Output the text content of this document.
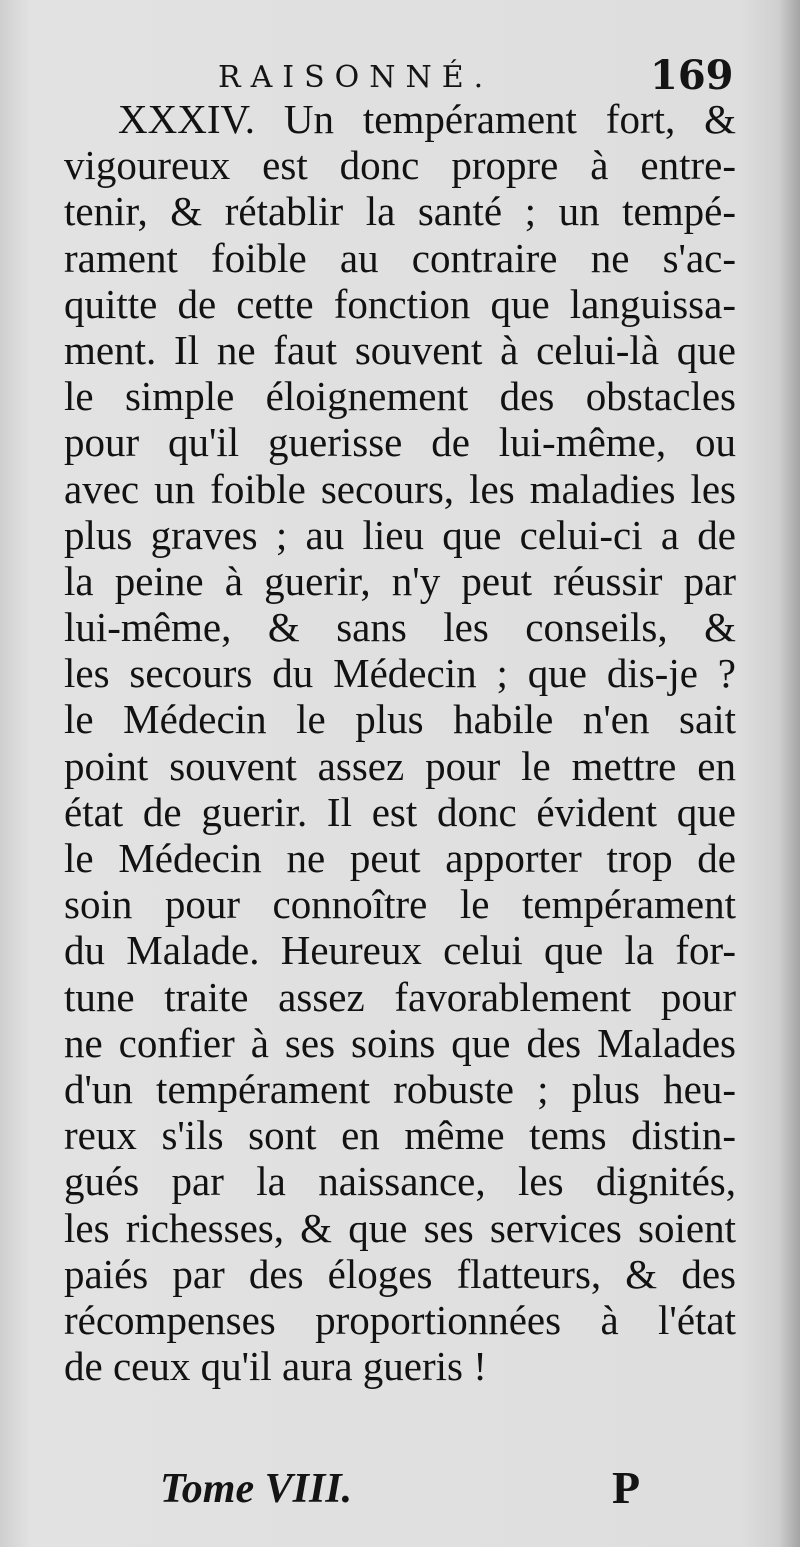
RAISONNÉ.	169
XXXIV. Un tempérament fort, &
vigoureux est donc propre à entre-
tenir, & rétablir la santé ; un tempé-
rament foible au contraire ne s'ac-
quitte de cette fonction que languissa-
ment. Il ne faut souvent à celui-là que
le simple éloignement des obstacles
pour qu'il guerisse de lui-même, ou
avec un foible secours, les maladies les
plus graves ; au lieu que celui-ci a de
la peine à guerir, n'y peut réussir par
lui-même, & sans les conseils, &
les secours du Médecin ; que dis-je ?
le Médecin le plus habile n'en sait
point souvent assez pour le mettre en
état de guerir. Il est donc évident que
le Médecin ne peut apporter trop de
soin pour connoître le tempérament
du Malade. Heureux celui que la for-
tune traite assez favorablement pour
ne confier à ses soins que des Malades
d'un tempérament robuste ; plus heu-
reux s'ils sont en même tems distin-
gués par la naissance, les dignités,
les richesses, & que ses services soient
paiés par des éloges flatteurs, & des
récompenses proportionnées à l'état
de ceux qu'il aura gueris !
Tome VIII.	P
